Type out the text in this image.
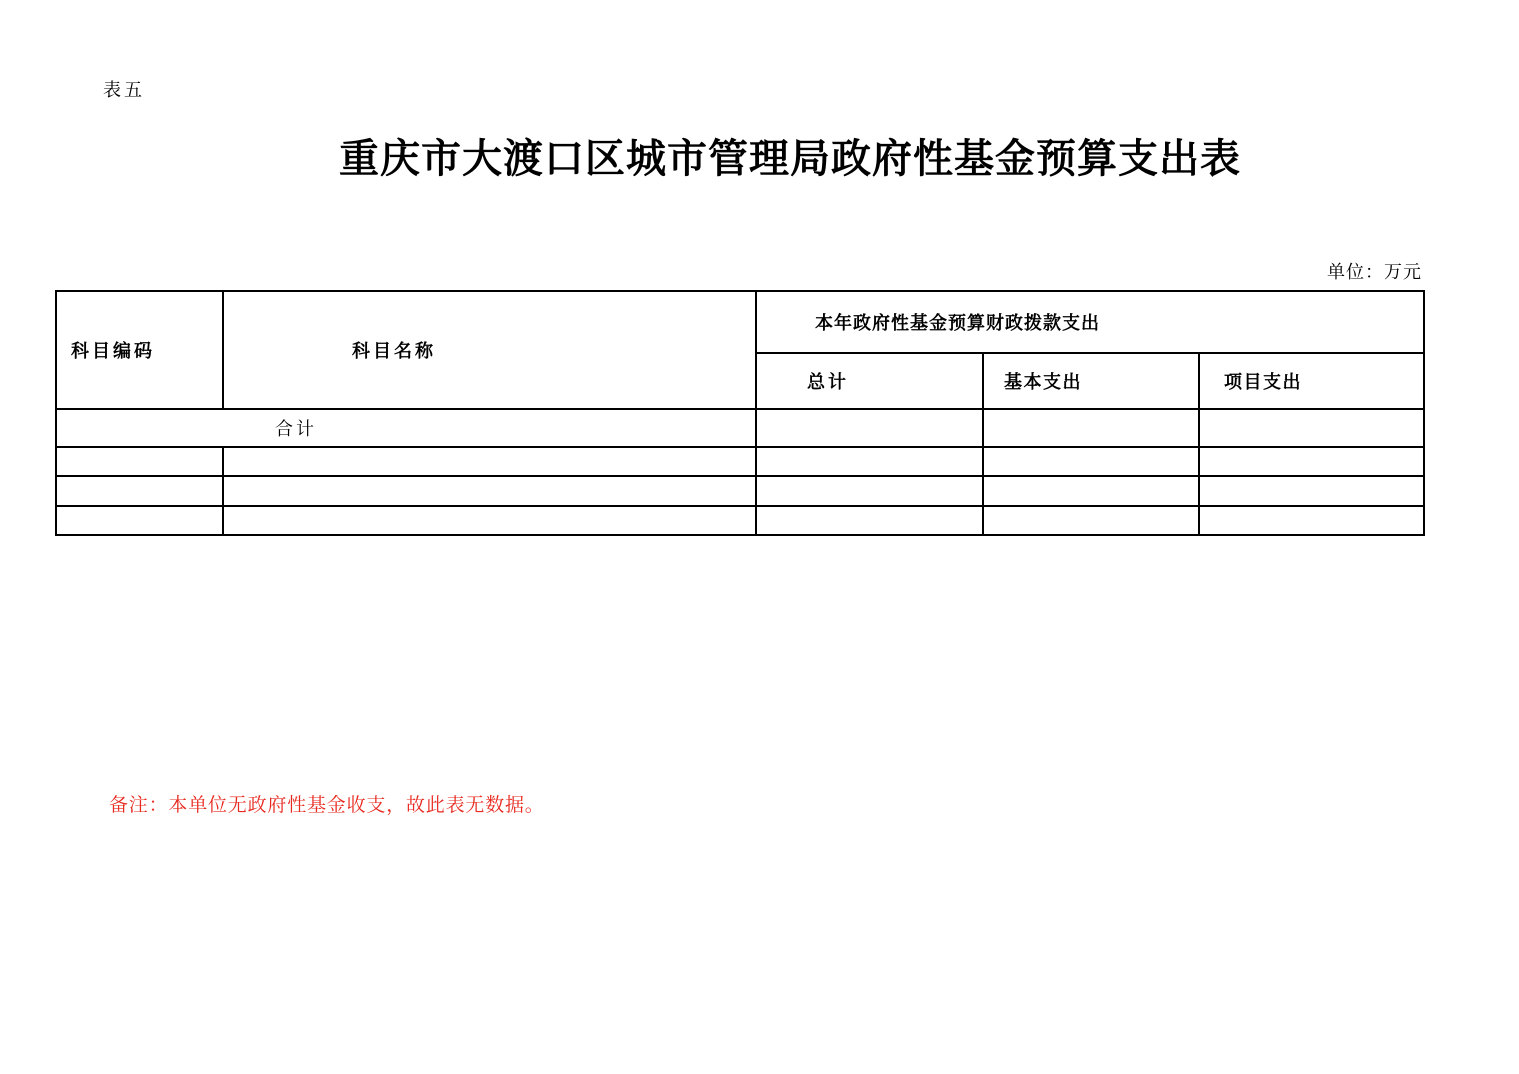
表五
重庆市大渡口区城市管理局政府性基金预算支出表
单位：万元
科目编码	科目名称	本年政府性基金预算财政拨款支出		
		总计	基本支出	项目支出
合计				

备注：本单位无政府性基金收支，故此表无数据。
